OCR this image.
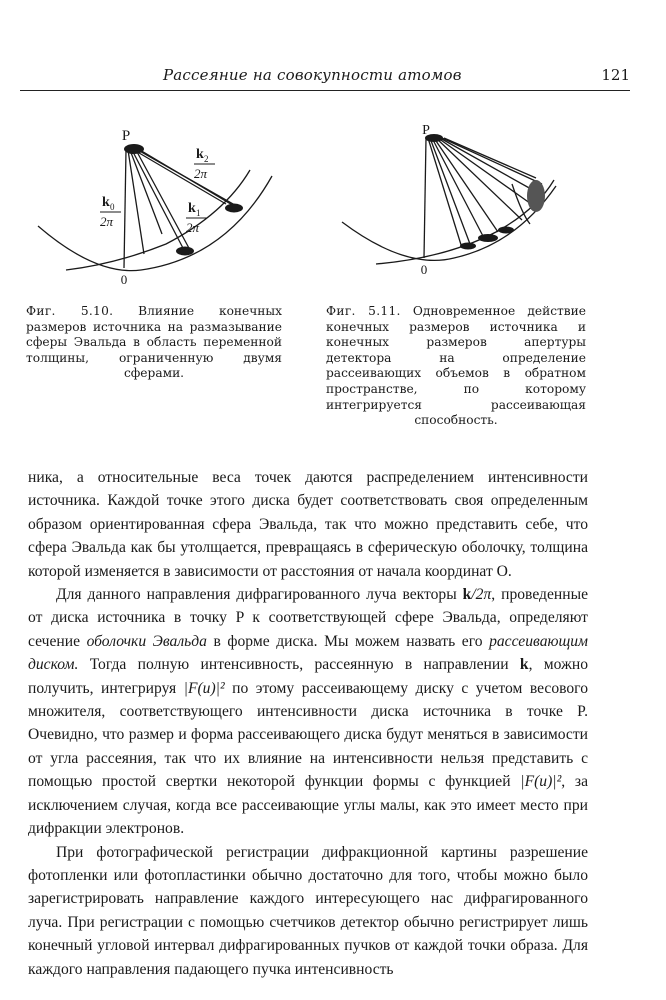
Рассеяние на совокупности атомов	121
P
0
k 0
2π
k 1
2π
k 2
2π
Фиг. 5.10. Влияние конечных размеров источника на размазывание сферы Эвальда в область переменной толщины, ограниченную двумя сферами.
P
0
Фиг. 5.11. Одновременное действие конечных размеров источника и конечных размеров апертуры детектора на определение рассеивающих объемов в обратном пространстве, по которому интегрируется рассеивающая способность.

ника, а относительные веса точек даются распределением интенсивности источника. Каждой точке этого диска будет соответствовать своя определенным образом ориентированная сфера Эвальда, так что можно представить себе, что сфера Эвальда как бы утолщается, превращаясь в сферическую оболочку, толщина которой изменяется в зависимости от расстояния от начала координат O.

Для данного направления дифрагированного луча векторы k/2π, проведенные от диска источника в точку P к соответствующей сфере Эвальда, определяют сечение оболочки Эвальда в форме диска. Мы можем назвать его рассеивающим диском. Тогда полную интенсивность, рассеянную в направлении k, можно получить, интегрируя |F(u)|² по этому рассеивающему диску с учетом весового множителя, соответствующего интенсивности диска источника в точке P. Очевидно, что размер и форма рассеивающего диска будут меняться в зависимости от угла рассеяния, так что их влияние на интенсивности нельзя представить с помощью простой свертки некоторой функции формы с функцией |F(u)|², за исключением случая, когда все рассеивающие углы малы, как это имеет место при дифракции электронов.

При фотографической регистрации дифракционной картины разрешение фотопленки или фотопластинки обычно достаточно для того, чтобы можно было зарегистрировать направление каждого интересующего нас дифрагированного луча. При регистрации с помощью счетчиков детектор обычно регистрирует лишь конечный угловой интервал дифрагированных пучков от каждой точки образа. Для каждого направления падающего пучка интенсивность
